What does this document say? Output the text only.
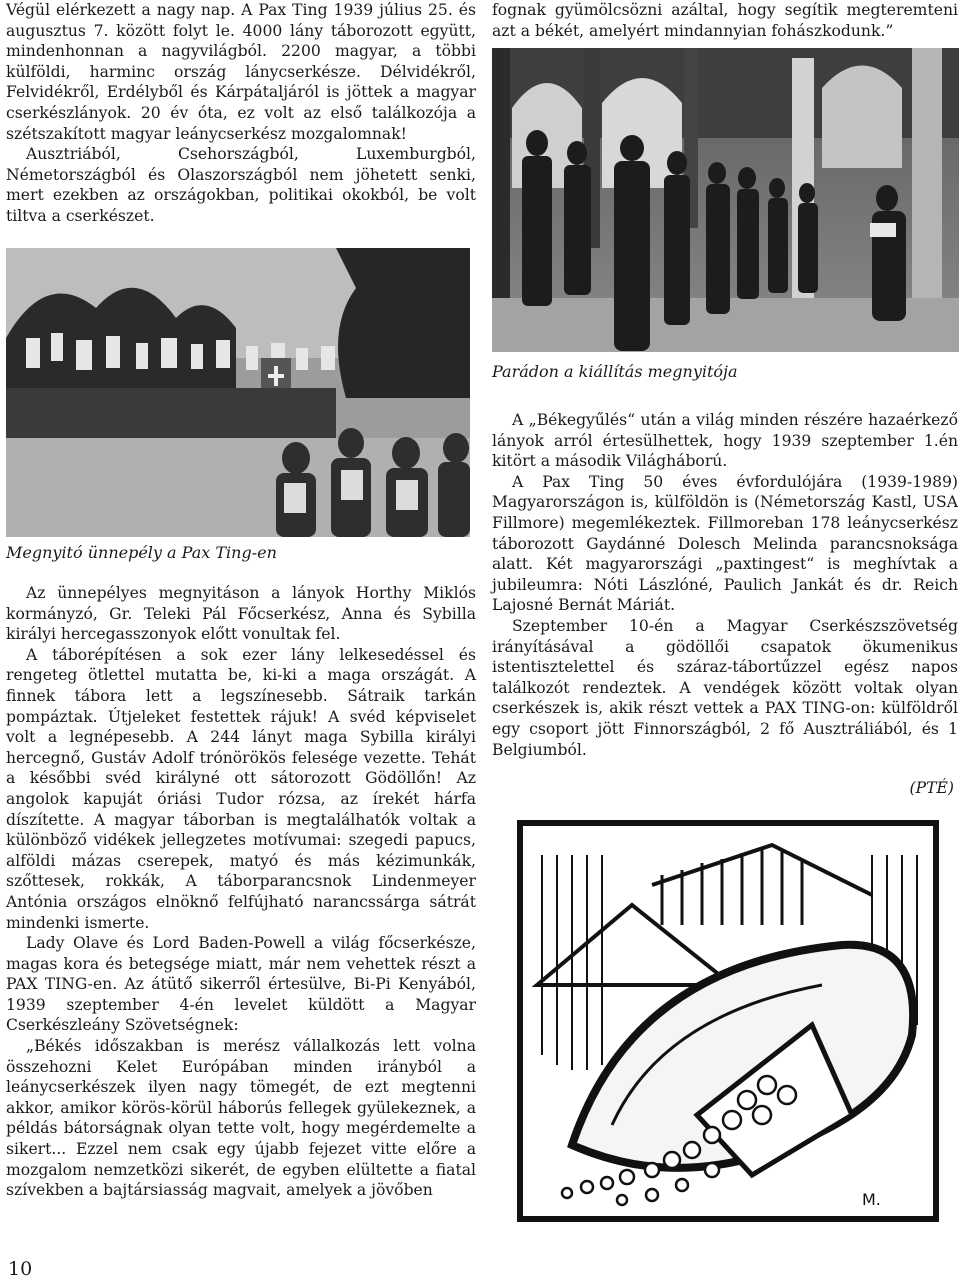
Végül elérkezett a nagy nap. A Pax Ting 1939 július 25. és augusztus 7. között folyt le. 4000 lány táborozott együtt, mindenhonnan a nagyvilágból. 2200 magyar, a többi külföldi, harminc ország lánycserkésze. Délvidékről, Felvidékről, Erdélyből és Kárpátaljáról is jöttek a magyar cserkészlányok. 20 év óta, ez volt az első találkozója a szétszakított magyar leánycserkész mozgalomnak!

Ausztriából, Csehországból, Luxemburgból, Németországból és Olaszországból nem jöhetett senki, mert ezekben az országokban, politikai okokból, be volt tiltva a cserkészet.

fognak gyümölcsözni azáltal, hogy segítik megteremteni azt a békét, amelyért mindannyian fohászkodunk.”

Parádon a kiállítás megnyitója
Megnyitó ünnepély a Pax Ting-en

A „Békegyűlés“ után a világ minden részére hazaérkező lányok arról értesülhettek, hogy 1939 szeptember 1.én kitört a második Világháború.

A Pax Ting 50 éves évfordulójára (1939-1989) Magyarországon is, külföldön is (Németország Kastl, USA Fillmore) megemlékeztek. Fillmoreban 178 leánycserkész táborozott Gaydánné Dolesch Melinda parancsnoksága alatt. Két magyarországi „paxtingest“ is meghívtak a jubileumra: Nóti Lászlóné, Paulich Jankát és dr. Reich Lajosné Bernát Máriát.

Szeptember 10-én a Magyar Cserkészszövetség irányításával a gödöllői csapatok ökumenikus istentisztelettel és száraz-tábortűzzel egész napos találkozót rendeztek. A vendégek között voltak olyan cserkészek is, akik részt vettek a PAX TING-on: külföldről egy csoport jött Finnországból, 2 fő Ausztráliából, és 1 Belgiumból.

(PTÉ)

Az ünnepélyes megnyitáson a lányok Horthy Miklós kormányzó, Gr. Teleki Pál Főcserkész, Anna és Sybilla királyi hercegasszonyok előtt vonultak fel.

A táborépítésen a sok ezer lány lelkesedéssel és rengeteg ötlettel mutatta be, ki-ki a maga országát. A finnek tábora lett a legszínesebb. Sátraik tarkán pompáztak. Útjeleket festettek rájuk! A svéd képviselet volt a legnépesebb. A 244 lányt maga Sybilla királyi hercegnő, Gustáv Adolf trónörökös felesége vezette. Tehát a későbbi svéd királyné ott sátorozott Gödöllőn! Az angolok kapuját óriási Tudor rózsa, az írekét hárfa díszítette. A magyar táborban is megtalálhatók voltak a különböző vidékek jellegzetes motívumai: szegedi papucs, alföldi mázas cserepek, matyó és más kézimunkák, szőttesek, rokkák, A táborparancsnok Lindenmeyer Antónia országos elnöknő felfújható narancssárga sátrát mindenki ismerte.

Lady Olave és Lord Baden-Powell a világ főcserkésze, magas kora és betegsége miatt, már nem vehettek részt a PAX TING-en. Az átütő sikerről értesülve, Bi-Pi Kenyából, 1939 szeptember 4-én levelet küldött a Magyar Cserkészleány Szövetségnek:

„Békés időszakban is merész vállalkozás lett volna összehozni Kelet Európában minden irányból a leánycserkészek ilyen nagy tömegét, de ezt megtenni akkor, amikor körös-körül háborús fellegek gyülekeznek, a példás bátorságnak olyan tette volt, hogy megérdemelte a sikert... Ezzel nem csak egy újabb fejezet vitte előre a mozgalom nemzetközi sikerét, de egyben elültette a fiatal szívekben a bajtársiasság magvait, amelyek a jövőben	M.
10
